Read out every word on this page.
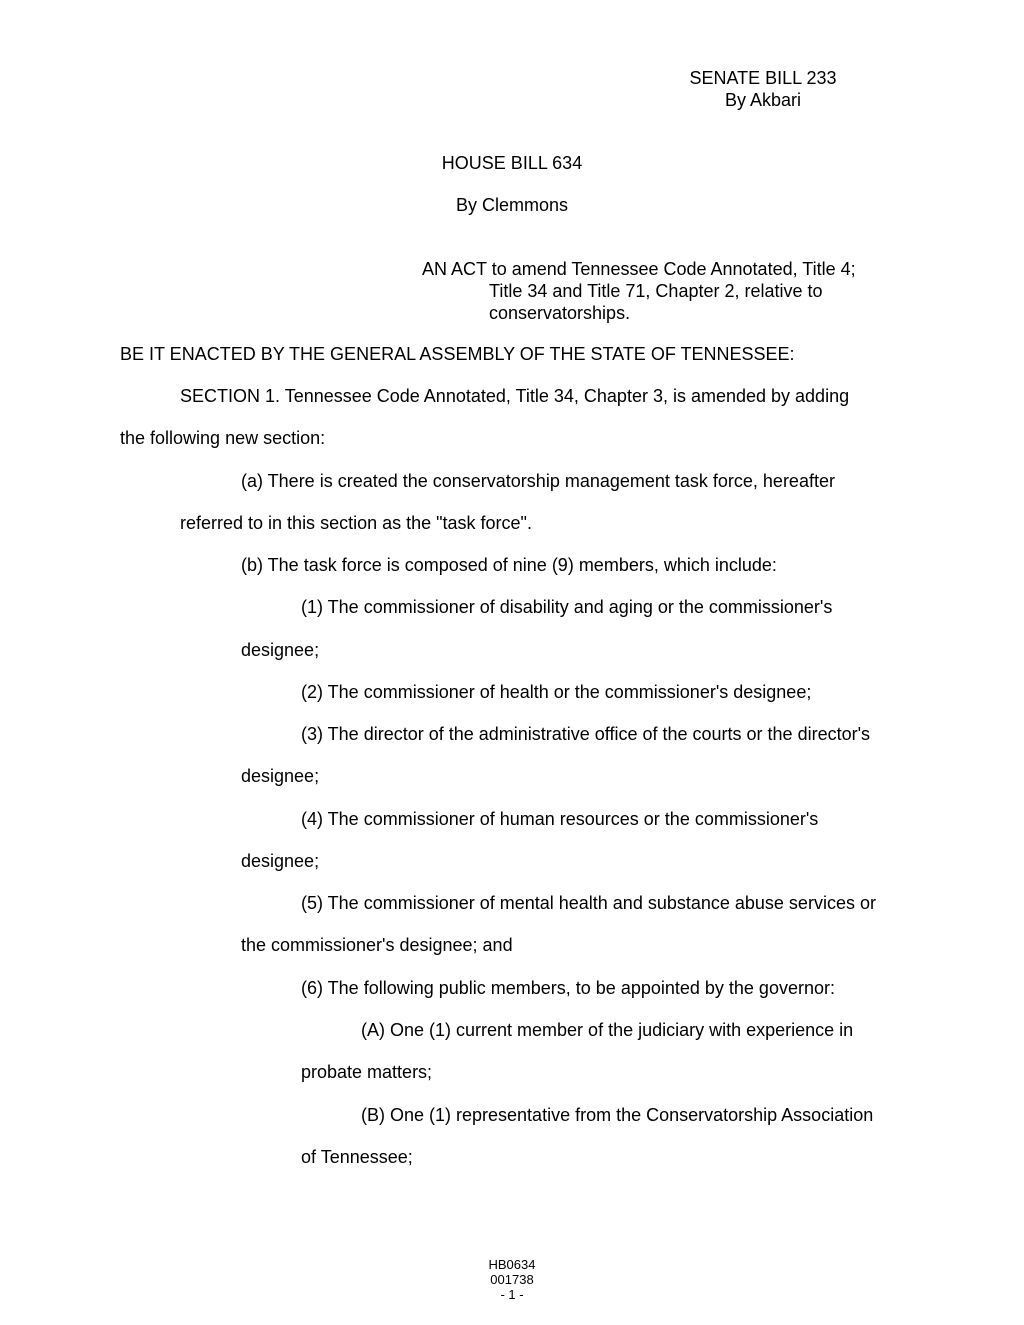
SENATE BILL 233
By Akbari
HOUSE BILL 634
By Clemmons
AN ACT to amend Tennessee Code Annotated, Title 4;
Title 34 and Title 71, Chapter 2, relative to
conservatorships.
BE IT ENACTED BY THE GENERAL ASSEMBLY OF THE STATE OF TENNESSEE:
SECTION 1. Tennessee Code Annotated, Title 34, Chapter 3, is amended by adding
the following new section:
(a) There is created the conservatorship management task force, hereafter
referred to in this section as the "task force".
(b) The task force is composed of nine (9) members, which include:
(1) The commissioner of disability and aging or the commissioner's
designee;
(2) The commissioner of health or the commissioner's designee;
(3) The director of the administrative office of the courts or the director's
designee;
(4) The commissioner of human resources or the commissioner's
designee;
(5) The commissioner of mental health and substance abuse services or
the commissioner's designee; and
(6) The following public members, to be appointed by the governor:
(A) One (1) current member of the judiciary with experience in
probate matters;
(B) One (1) representative from the Conservatorship Association
of Tennessee;
HB0634
001738
- 1 -
